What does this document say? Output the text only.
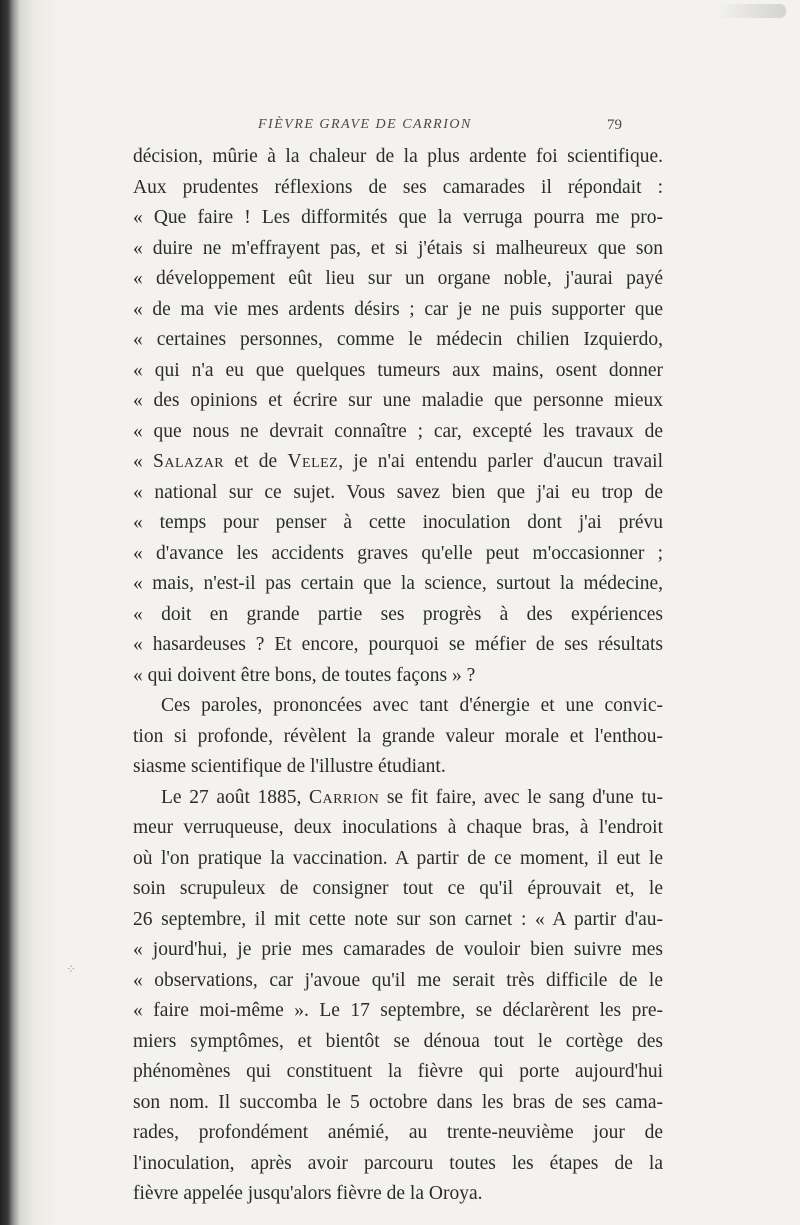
FIÈVRE GRAVE DE CARRION	79
décision, mûrie à la chaleur de la plus ardente foi scientifique.
Aux prudentes réflexions de ses camarades il répondait :
« Que faire ! Les difformités que la verruga pourra me pro-
« duire ne m'effrayent pas, et si j'étais si malheureux que son
« développement eût lieu sur un organe noble, j'aurai payé
« de ma vie mes ardents désirs ; car je ne puis supporter que
« certaines personnes, comme le médecin chilien Izquierdo,
« qui n'a eu que quelques tumeurs aux mains, osent donner
« des opinions et écrire sur une maladie que personne mieux
« que nous ne devrait connaître ; car, excepté les travaux de
« Salazar et de Velez, je n'ai entendu parler d'aucun travail
« national sur ce sujet. Vous savez bien que j'ai eu trop de
« temps pour penser à cette inoculation dont j'ai prévu
« d'avance les accidents graves qu'elle peut m'occasionner ;
« mais, n'est-il pas certain que la science, surtout la médecine,
« doit en grande partie ses progrès à des expériences
« hasardeuses ? Et encore, pourquoi se méfier de ses résultats
« qui doivent être bons, de toutes façons » ?
Ces paroles, prononcées avec tant d'énergie et une convic-
tion si profonde, révèlent la grande valeur morale et l'enthou-
siasme scientifique de l'illustre étudiant.
Le 27 août 1885, Carrion se fit faire, avec le sang d'une tu-
meur verruqueuse, deux inoculations à chaque bras, à l'endroit
où l'on pratique la vaccination. A partir de ce moment, il eut le
soin scrupuleux de consigner tout ce qu'il éprouvait et, le
26 septembre, il mit cette note sur son carnet : « A partir d'au-
« jourd'hui, je prie mes camarades de vouloir bien suivre mes
« observations, car j'avoue qu'il me serait très difficile de le
« faire moi-même ». Le 17 septembre, se déclarèrent les pre-
miers symptômes, et bientôt se dénoua tout le cortège des
phénomènes qui constituent la fièvre qui porte aujourd'hui
son nom. Il succomba le 5 octobre dans les bras de ses cama-
rades, profondément anémié, au trente-neuvième jour de
l'inoculation, après avoir parcouru toutes les étapes de la
fièvre appelée jusqu'alors fièvre de la Oroya.
⁘
